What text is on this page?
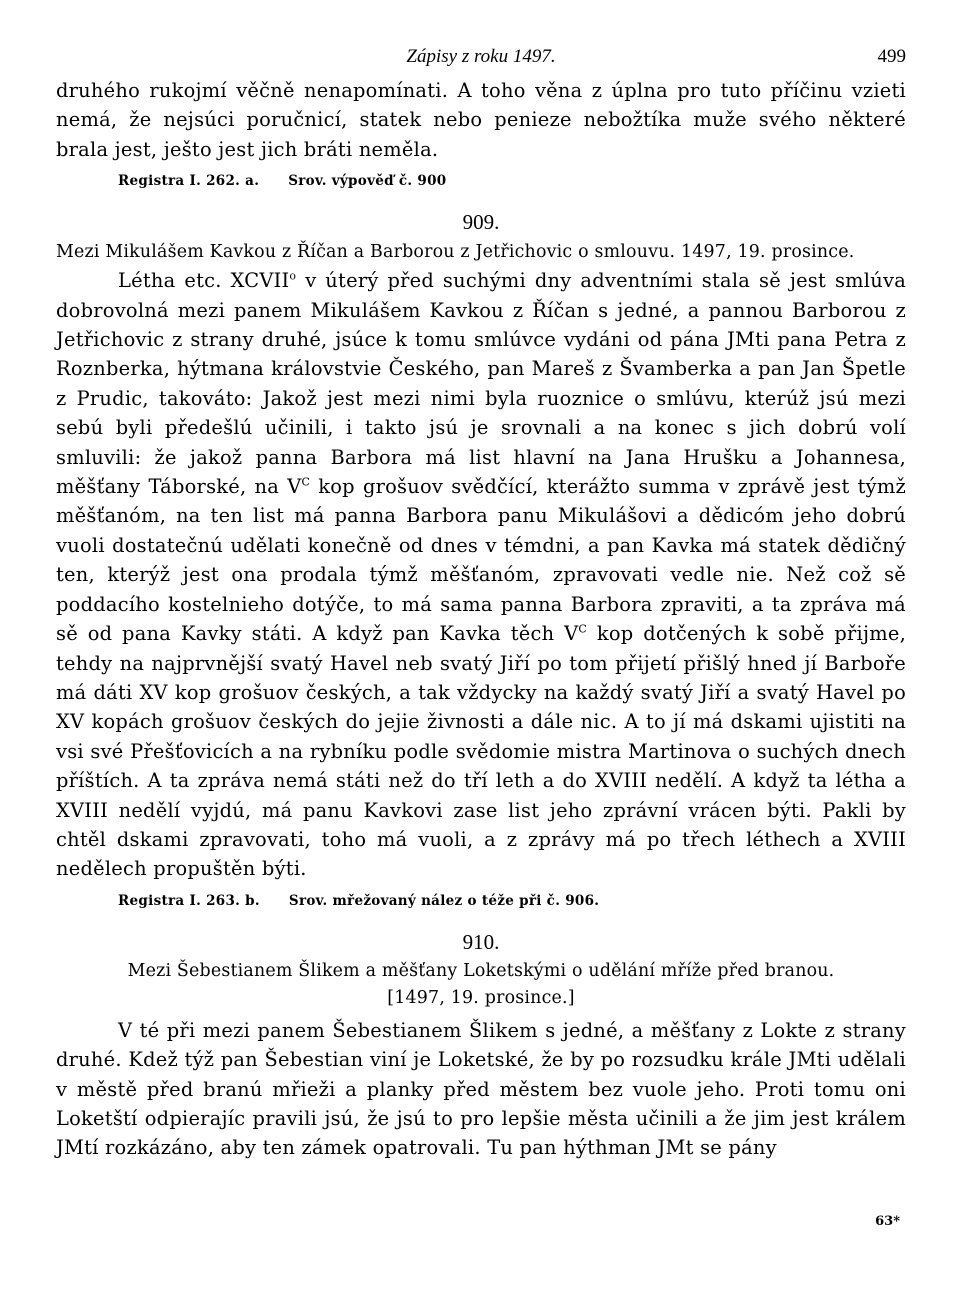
Zápisy z roku 1497.	499

druhého rukojmí věčně nenapomínati. A toho věna z úplna pro tuto příčinu vzieti nemá, že nejsúci poručnicí, statek nebo penieze nebožtíka muže svého některé brala jest, ješto jest jich bráti neměla.

Registra I. 262. a. Srov. výpověď č. 900
909.
Mezi Mikulášem Kavkou z Říčan a Barborou z Jetřichovic o smlouvu. 1497, 19. prosince.

Létha etc. XCVII$^o$ v úterý před suchými dny adventními stala sě jest smlúva dobrovolná mezi panem Mikulášem Kavkou z Říčan s jedné, a pannou Barborou z Jetřichovic z strany druhé, jsúce k tomu smlúvce vydáni od pána JMti pana Petra z Roznberka, hýtmana královstvie Českého, pan Mareš z Švamberka a pan Jan Špetle z Prudic, takováto: Jakož jest mezi nimi byla ruoznice o smlúvu, kterúž jsú mezi sebú byli předešlú učinili, i takto jsú je srovnali a na konec s jich dobrú volí smluvili: že jakož panna Barbora má list hlavní na Jana Hrušku a Johannesa, měšťany Táborské, na $V^C$ kop grošuov svědčící, kterážto summa v zprávě jest týmž měšťanóm, na ten list má panna Barbora panu Mikulášovi a dědicóm jeho dobrú vuoli dostatečnú udělati konečně od dnes v témdni, a pan Kavka má statek dědičný ten, kterýž jest ona prodala týmž měšťanóm, zpravovati vedle nie. Než což sě poddacího kostelnieho dotýče, to má sama panna Barbora zpraviti, a ta zpráva má sě od pana Kavky státi. A když pan Kavka těch $V^C$ kop dotčených k sobě přijme, tehdy na najprvnější svatý Havel neb svatý Jiří po tom přijetí přišlý hned jí Barboře má dáti XV kop grošuov českých, a tak vždycky na každý svatý Jiří a svatý Havel po XV kopách grošuov českých do jejie živnosti a dále nic. A to jí má dskami ujistiti na vsi své Přešťovicích a na rybníku podle svědomie mistra Martinova o suchých dnech příštích. A ta zpráva nemá státi než do tří leth a do XVIII nedělí. A když ta létha a XVIII nedělí vyjdú, má panu Kavkovi zase list jeho zprávní vrácen býti. Pakli by chtěl dskami zpravovati, toho má vuoli, a z zprávy má po třech léthech a XVIII nedělech propuštěn býti.

Registra I. 263. b. Srov. mřežovaný nález o téže při č. 906.
910.
Mezi Šebestianem Šlikem a měšťany Loketskými o udělání mříže před branou.
[1497, 19. prosince.]

V té při mezi panem Šebestianem Šlikem s jedné, a měšťany z Lokte z strany druhé. Kdež týž pan Šebestian viní je Loketské, že by po rozsudku krále JMti udělali v městě před branú mřieži a planky před městem bez vuole jeho. Proti tomu oni Loketští odpierajíc pravili jsú, že jsú to pro lepšie města učinili a že jim jest králem JMtí rozkázáno, aby ten zámek opatrovali. Tu pan hýthman JMt se pány

63*
